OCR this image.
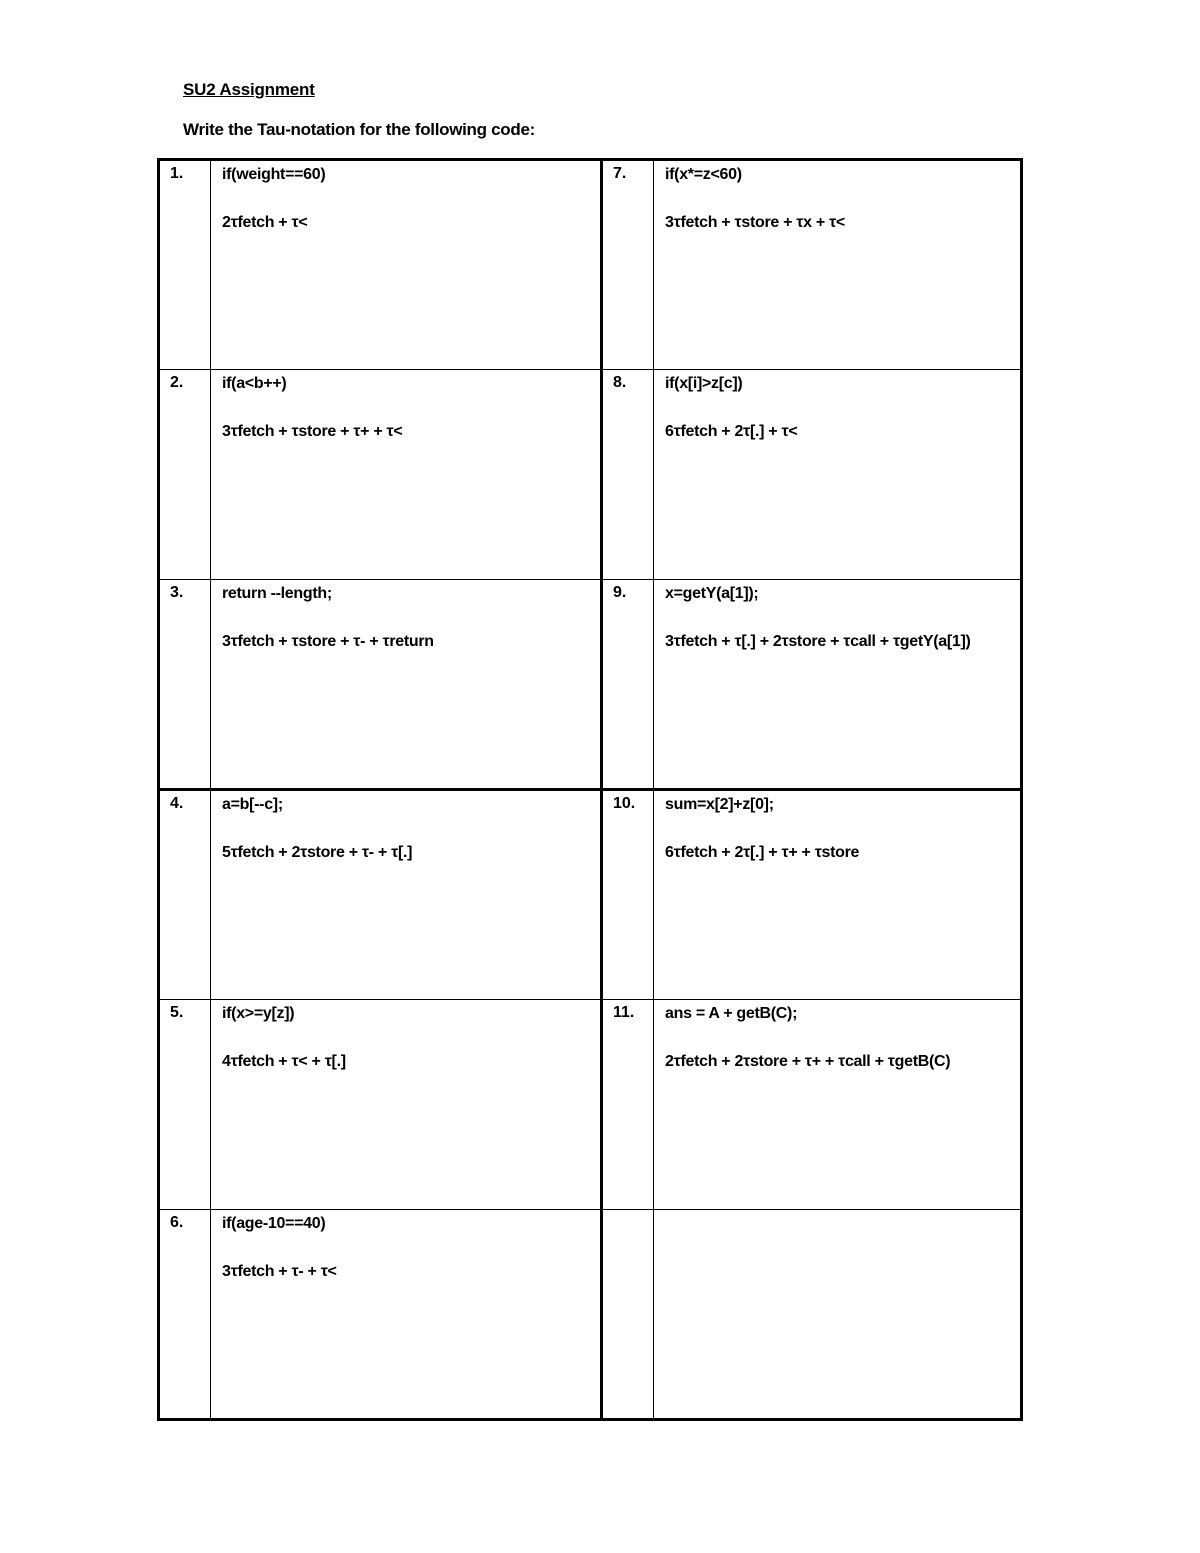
SU2 Assignment
Write the Tau-notation for the following code:
1.	if(weight==60)
2τfetch + τ<	7.	if(x*=z<60)
3τfetch + τstore + τx + τ<

2.	if(a<b++)
3τfetch + τstore + τ+ + τ<	8.	if(x[i]>z[c])
6τfetch + 2τ[.] + τ<

3.	return --length;
3τfetch + τstore + τ- + τreturn	9.	x=getY(a[1]);
3τfetch + τ[.] + 2τstore + τcall + τgetY(a[1])

4.	a=b[--c];
5τfetch + 2τstore + τ- + τ[.]	10.	sum=x[2]+z[0];
6τfetch + 2τ[.] + τ+ + τstore

5.	if(x>=y[z])
4τfetch + τ< + τ[.]	11.	ans = A + getB(C);
2τfetch + 2τstore + τ+ + τcall + τgetB(C)

6.	if(age-10==40)
3τfetch + τ- + τ<		
